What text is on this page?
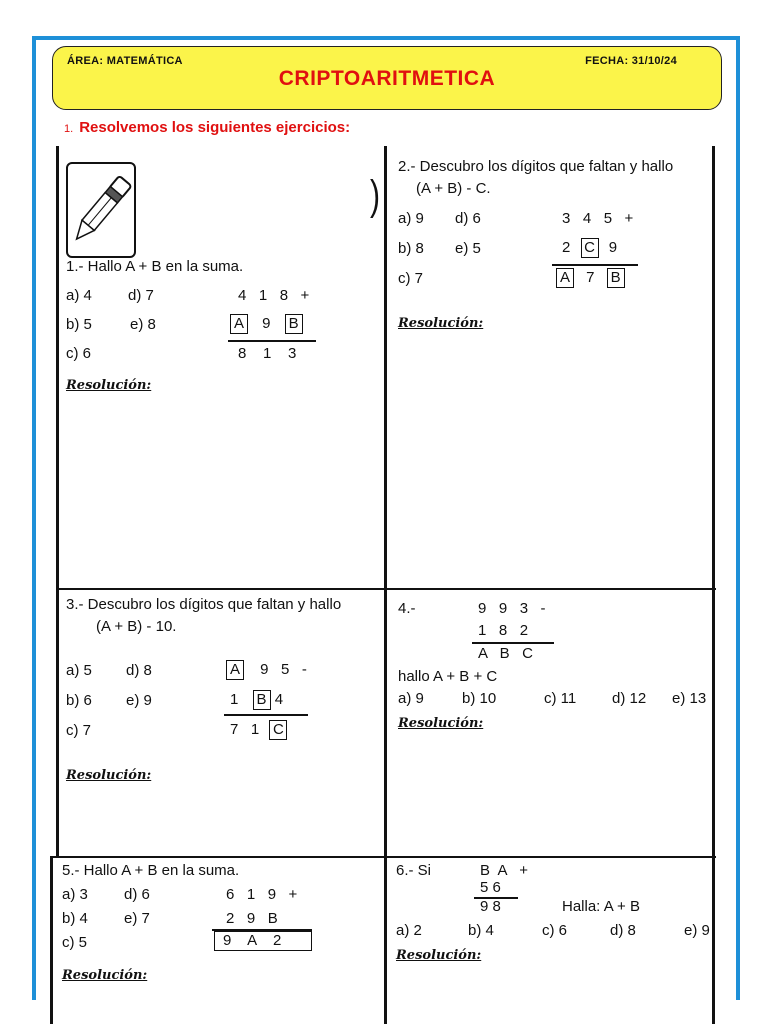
ÁREA: MATEMÁTICA	FECHA: 31/10/24
CRIPTOARITMETICA
1. Resolvemos los siguientes ejercicios:
1.- Hallo A + B en la suma.
a) 4 d) 7
b) 5	e) 8
c) 6
4   1   8   +
A 9 B
8    1    3
Resolución:
)
2.- Descubro los dígitos que faltan y hallo
(A + B) - C.
a) 9 d) 6
b) 8 e) 5
c) 7
3   4   5   +
2 C 9
A 7 B
Resolución:
3.- Descubro los dígitos que faltan y hallo
(A + B) - 10.
a) 5 d) 8
b) 6 e) 9
c) 7
A 9   5   -
1 B 4
7   1 C
Resolución:
4.-	9   9   3   -
1   8   2
A   B   C
hallo A + B + C
a) 9	b) 10	c) 11 d) 12 e) 13
Resolución:
5.- Hallo A + B en la suma.
a) 3 d) 6
b) 4 e) 7
c) 5
6   1   9   +
2   9   B
9    A    2
Resolución:
6.- Si	B  A   +
5 6
9 8	Halla: A + B
a) 2	b) 4	c) 6	d) 8	e) 9
Resolución:
